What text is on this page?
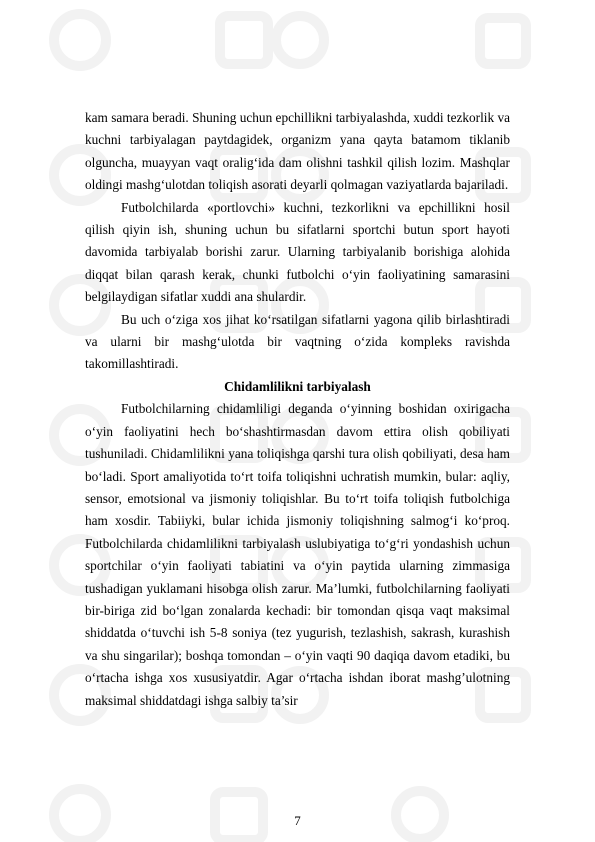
kam samara beradi. Shuning uchun epchillikni tarbiyalashda, xuddi tezkorlik va kuchni tarbiyalagan paytdagidek, organizm yana qayta batamom tiklanib olguncha, muayyan vaqt oralig‘ida dam olishni tashkil qilish lozim. Mashqlar oldingi mashg‘ulotdan toliqish asorati deyarli qolmagan vaziyatlarda bajariladi.

Futbolchilarda «portlovchi» kuchni, tezkorlikni va epchillikni hosil qilish qiyin ish, shuning uchun bu sifatlarni sportchi butun sport hayoti davomida tarbiyalab borishi zarur. Ularning tarbiyalanib borishiga alohida diqqat bilan qarash kerak, chunki futbolchi o‘yin faoliyatining samarasini belgilaydigan sifatlar xuddi ana shulardir.

Bu uch o‘ziga xos jihat ko‘rsatilgan sifatlarni yagona qilib birlashtiradi va ularni bir mashg‘ulotda bir vaqtning o‘zida kompleks ravishda takomillashtiradi.

Chidamlilikni tarbiyalash

Futbolchilarning chidamliligi deganda o‘yinning boshidan oxirigacha o‘yin faoliyatini hech bo‘shashtirmasdan davom ettira olish qobiliyati tushuniladi. Chidamlilikni yana toliqishga qarshi tura olish qobiliyati, desa ham bo‘ladi. Sport amaliyotida to‘rt toifa toliqishni uchratish mumkin, bular: aqliy, sensor, emotsional va jismoniy toliqishlar. Bu to‘rt toifa toliqish futbolchiga ham xosdir. Tabiiyki, bular ichida jismoniy toliqishning salmog‘i ko‘proq. Futbolchilarda chidamlilikni tarbiyalash uslubiyatiga to‘g‘ri yondashish uchun sportchilar o‘yin faoliyati tabiatini va o‘yin paytida ularning zimmasiga tushadigan yuklamani hisobga olish zarur. Ma’lumki, futbolchilarning faoliyati bir-biriga zid bo‘lgan zonalarda kechadi: bir tomondan qisqa vaqt maksimal shiddatda o‘tuvchi ish 5-8 soniya (tez yugurish, tezlashish, sakrash, kurashish va shu singarilar); boshqa tomondan – o‘yin vaqti 90 daqiqa davom etadiki, bu o‘rtacha ishga xos xususiyatdir. Agar o‘rtacha ishdan iborat mashg’ulotning maksimal shiddatdagi ishga salbiy ta’sir

7
